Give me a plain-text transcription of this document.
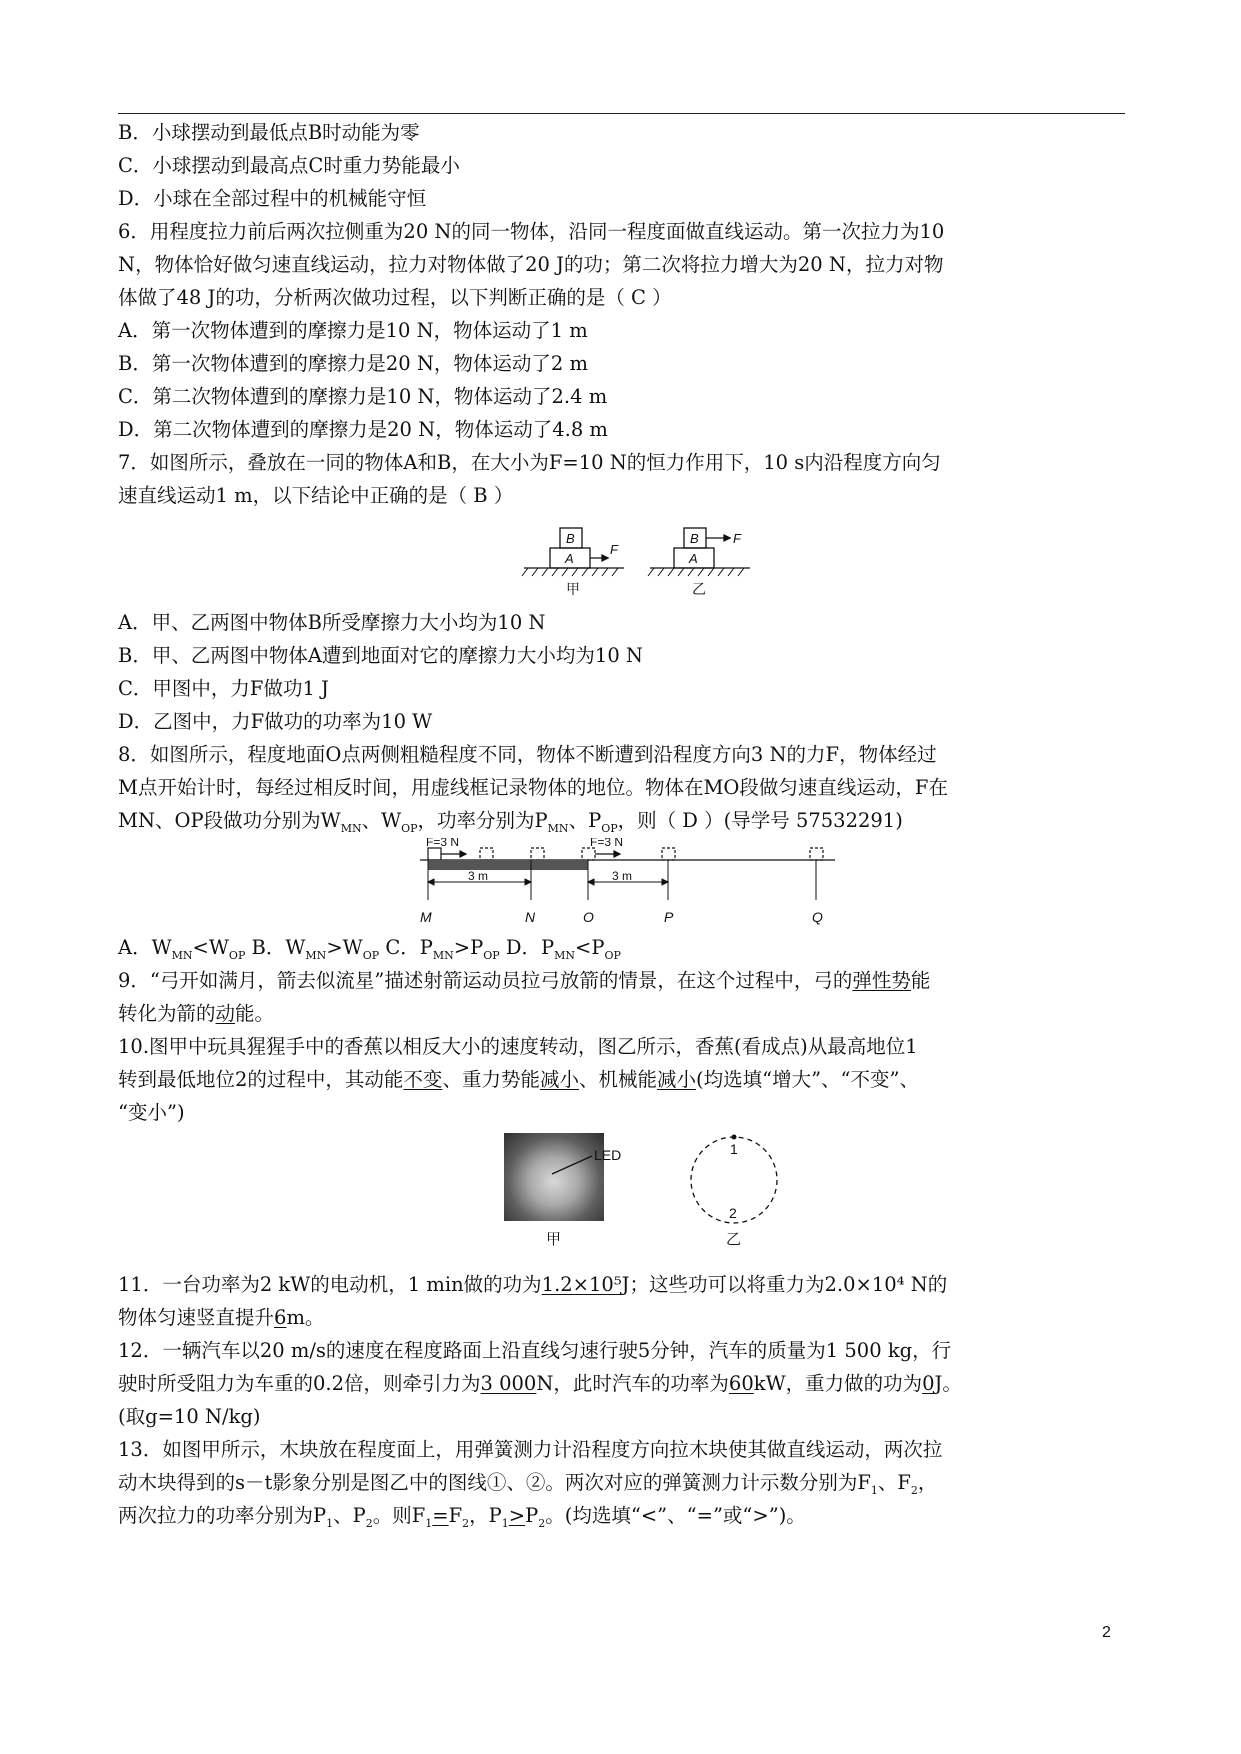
B．小球摆动到最低点B时动能为零
C．小球摆动到最高点C时重力势能最小
D．小球在全部过程中的机械能守恒
6．用程度拉力前后两次拉侧重为20 N的同一物体，沿同一程度面做直线运动。第一次拉力为10
N，物体恰好做匀速直线运动，拉力对物体做了20 J的功；第二次将拉力增大为20 N，拉力对物
体做了48 J的功，分析两次做功过程，以下判断正确的是（ C ）
A．第一次物体遭到的摩擦力是10 N，物体运动了1 m
B．第一次物体遭到的摩擦力是20 N，物体运动了2 m
C．第二次物体遭到的摩擦力是10 N，物体运动了2.4 m
D．第二次物体遭到的摩擦力是20 N，物体运动了4.8 m
7．如图所示，叠放在一同的物体A和B，在大小为F=10 N的恒力作用下，10 s内沿程度方向匀
速直线运动1 m，以下结论中正确的是（ B ）
A．甲、乙两图中物体B所受摩擦力大小均为10 N
B．甲、乙两图中物体A遭到地面对它的摩擦力大小均为10 N
C．甲图中，力F做功1 J
D．乙图中，力F做功的功率为10 W
8．如图所示，程度地面O点两侧粗糙程度不同，物体不断遭到沿程度方向3 N的力F，物体经过
M点开始计时，每经过相反时间，用虚线框记录物体的地位。物体在MO段做匀速直线运动，F在
MN、OP段做功分别为$W_{MN}$、$W_{OP}$，功率分别为$P_{MN}$、$P_{OP}$，则（ D ）(导学号 57532291)
A．$W_{MN}<W_{OP}$ B．$W_{MN}>W_{OP}$ C．$P_{MN}>P_{OP}$ D．$P_{MN}<P_{OP}$
9．“弓开如满月，箭去似流星”描述射箭运动员拉弓放箭的情景，在这个过程中，弓的弹性势能
转化为箭的动能。
10.图甲中玩具猩猩手中的香蕉以相反大小的速度转动，图乙所示，香蕉(看成点)从最高地位1
转到最低地位2的过程中，其动能不变、重力势能减小、机械能减小(均选填“增大”、“不变”、
“变小”)
11．一台功率为2 kW的电动机，1 min做的功为1.2×10⁵J；这些功可以将重力为2.0×10⁴ N的
物体匀速竖直提升6m。
12．一辆汽车以20 m/s的速度在程度路面上沿直线匀速行驶5分钟，汽车的质量为1 500 kg，行
驶时所受阻力为车重的0.2倍，则牵引力为3 000N，此时汽车的功率为60kW，重力做的功为0J。
(取g=10 N/kg)
13．如图甲所示，木块放在程度面上，用弹簧测力计沿程度方向拉木块使其做直线运动，两次拉
动木块得到的s－t影象分别是图乙中的图线①、②。两次对应的弹簧测力计示数分别为$F_1$、$F_2$，
两次拉力的功率分别为$P_1$、$P_2$。则$F_1=F_2$，$P_1>P_2$。(均选填“<”、“=”或“>”)。
B
A
F
B
A
F
甲	乙
F=3 N	F=3 N
3 m	3 m
M	N	O	P	Q
LED	1
2
甲	乙
2
